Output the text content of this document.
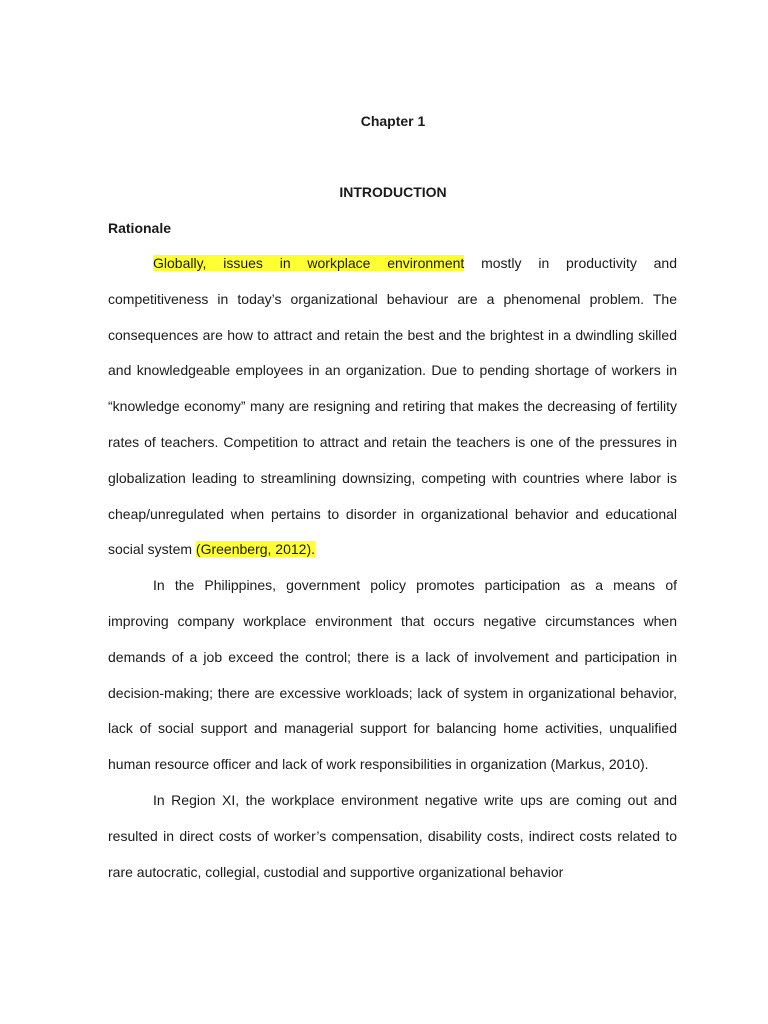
Chapter 1
INTRODUCTION
Rationale

Globally, issues in workplace environment mostly in productivity and competitiveness in today’s organizational behaviour are a phenomenal problem. The consequences are how to attract and retain the best and the brightest in a dwindling skilled and knowledgeable employees in an organization. Due to pending shortage of workers in “knowledge economy” many are resigning and retiring that makes the decreasing of fertility rates of teachers. Competition to attract and retain the teachers is one of the pressures in globalization leading to streamlining downsizing, competing with countries where labor is cheap/unregulated when pertains to disorder in organizational behavior and educational social system (Greenberg, 2012).

In the Philippines, government policy promotes participation as a means of improving company workplace environment that occurs negative circumstances when demands of a job exceed the control; there is a lack of involvement and participation in decision-making; there are excessive workloads; lack of system in organizational behavior, lack of social support and managerial support for balancing home activities, unqualified human resource officer and lack of work responsibilities in organization (Markus, 2010).

In Region XI, the workplace environment negative write ups are coming out and resulted in direct costs of worker’s compensation, disability costs, indirect costs related to rare autocratic, collegial, custodial and supportive organizational behavior
